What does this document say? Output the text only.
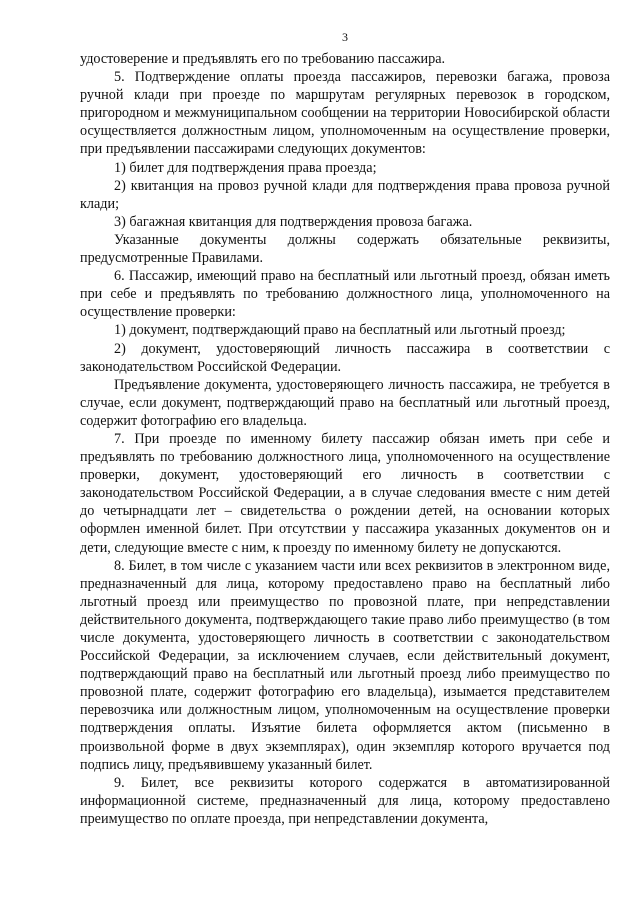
3

удостоверение и предъявлять его по требованию пассажира.

5. Подтверждение оплаты проезда пассажиров, перевозки багажа, провоза ручной клади при проезде по маршрутам регулярных перевозок в городском, пригородном и межмуниципальном сообщении на территории Новосибирской области осуществляется должностным лицом, уполномоченным на осуществление проверки, при предъявлении пассажирами следующих документов:

1) билет для подтверждения права проезда;

2) квитанция на провоз ручной клади для подтверждения права провоза ручной клади;

3) багажная квитанция для подтверждения провоза багажа.

Указанные документы должны содержать обязательные реквизиты, предусмотренные Правилами.

6. Пассажир, имеющий право на бесплатный или льготный проезд, обязан иметь при себе и предъявлять по требованию должностного лица, уполномоченного на осуществление проверки:

1) документ, подтверждающий право на бесплатный или льготный проезд;

2) документ, удостоверяющий личность пассажира в соответствии с законодательством Российской Федерации.

Предъявление документа, удостоверяющего личность пассажира, не требуется в случае, если документ, подтверждающий право на бесплатный или льготный проезд, содержит фотографию его владельца.

7. При проезде по именному билету пассажир обязан иметь при себе и предъявлять по требованию должностного лица, уполномоченного на осуществление проверки, документ, удостоверяющий его личность в соответствии с законодательством Российской Федерации, а в случае следования вместе с ним детей до четырнадцати лет – свидетельства о рождении детей, на основании которых оформлен именной билет. При отсутствии у пассажира указанных документов он и дети, следующие вместе с ним, к проезду по именному билету не допускаются.

8. Билет, в том числе с указанием части или всех реквизитов в электронном виде, предназначенный для лица, которому предоставлено право на бесплатный либо льготный проезд или преимущество по провозной плате, при непредставлении действительного документа, подтверждающего такие право либо преимущество (в том числе документа, удостоверяющего личность в соответствии с законодательством Российской Федерации, за исключением случаев, если действительный документ, подтверждающий право на бесплатный или льготный проезд либо преимущество по провозной плате, содержит фотографию его владельца), изымается представителем перевозчика или должностным лицом, уполномоченным на осуществление проверки подтверждения оплаты. Изъятие билета оформляется актом (письменно в произвольной форме в двух экземплярах), один экземпляр которого вручается под подпись лицу, предъявившему указанный билет.

9. Билет, все реквизиты которого содержатся в автоматизированной информационной системе, предназначенный для лица, которому предоставлено преимущество по оплате проезда, при непредставлении документа,
